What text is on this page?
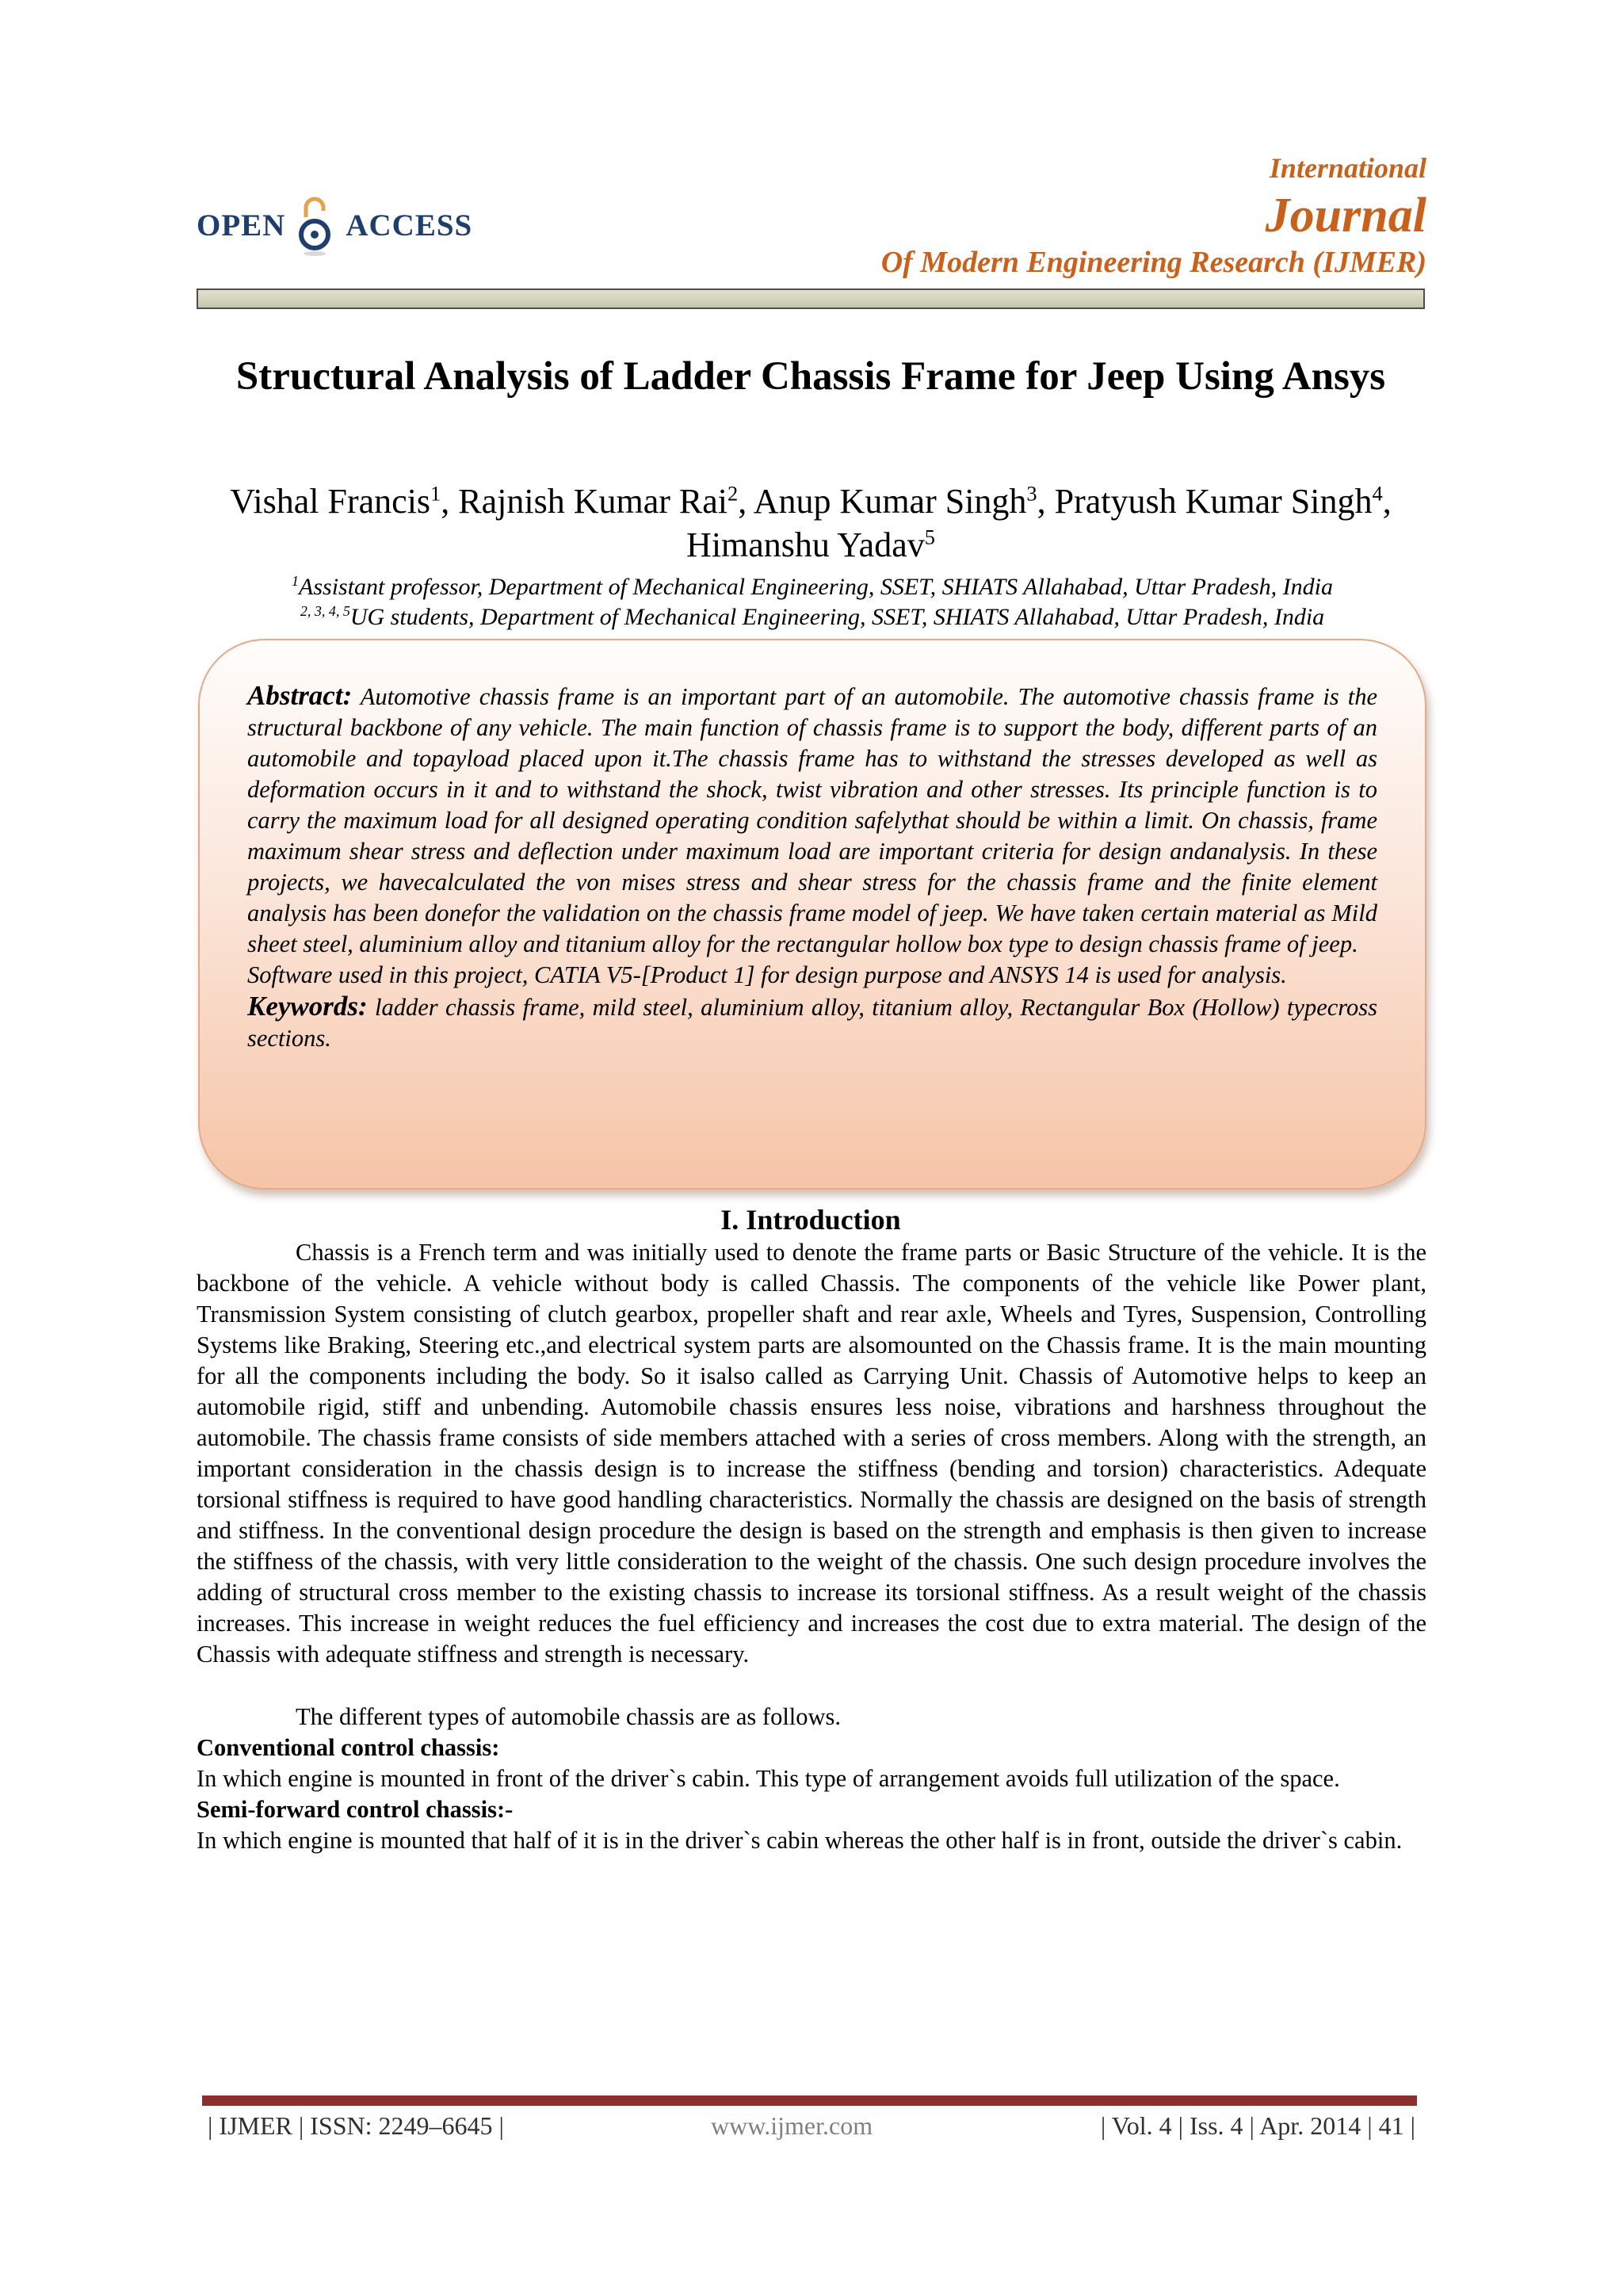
OPEN ACCESS
International
Journal
Of Modern Engineering Research (IJMER)
Structural Analysis of Ladder Chassis Frame for Jeep Using Ansys
Vishal Francis$^1$, Rajnish Kumar Rai$^2$, Anup Kumar Singh$^3$, Pratyush Kumar Singh$^4$, Himanshu Yadav$^5$
$^1$Assistant professor, Department of Mechanical Engineering, SSET, SHIATS Allahabad, Uttar Pradesh, India
$^{2, 3, 4, 5}$UG students, Department of Mechanical Engineering, SSET, SHIATS Allahabad, Uttar Pradesh, India

Abstract: Automotive chassis frame is an important part of an automobile. The automotive chassis frame is the structural backbone of any vehicle. The main function of chassis frame is to support the body, different parts of an automobile and topayload placed upon it.The chassis frame has to withstand the stresses developed as well as deformation occurs in it and to withstand the shock, twist vibration and other stresses. Its principle function is to carry the maximum load for all designed operating condition safelythat should be within a limit. On chassis, frame maximum shear stress and deflection under maximum load are important criteria for design andanalysis. In these projects, we havecalculated the von mises stress and shear stress for the chassis frame and the finite element analysis has been donefor the validation on the chassis frame model of jeep. We have taken certain material as Mild sheet steel, aluminium alloy and titanium alloy for the rectangular hollow box type to design chassis frame of jeep.

Software used in this project, CATIA V5-[Product 1] for design purpose and ANSYS 14 is used for analysis.

Keywords: ladder chassis frame, mild steel, aluminium alloy, titanium alloy, Rectangular Box (Hollow) typecross sections.

I. Introduction

Chassis is a French term and was initially used to denote the frame parts or Basic Structure of the vehicle. It is the backbone of the vehicle. A vehicle without body is called Chassis. The components of the vehicle like Power plant, Transmission System consisting of clutch gearbox, propeller shaft and rear axle, Wheels and Tyres, Suspension, Controlling Systems like Braking, Steering etc.,and electrical system parts are alsomounted on the Chassis frame. It is the main mounting for all the components including the body. So it isalso called as Carrying Unit. Chassis of Automotive helps to keep an automobile rigid, stiff and unbending. Automobile chassis ensures less noise, vibrations and harshness throughout the automobile. The chassis frame consists of side members attached with a series of cross members. Along with the strength, an important consideration in the chassis design is to increase the stiffness (bending and torsion) characteristics. Adequate torsional stiffness is required to have good handling characteristics. Normally the chassis are designed on the basis of strength and stiffness. In the conventional design procedure the design is based on the strength and emphasis is then given to increase the stiffness of the chassis, with very little consideration to the weight of the chassis. One such design procedure involves the adding of structural cross member to the existing chassis to increase its torsional stiffness. As a result weight of the chassis increases. This increase in weight reduces the fuel efficiency and increases the cost due to extra material. The design of the Chassis with adequate stiffness and strength is necessary.

The different types of automobile chassis are as follows.

Conventional control chassis:

In which engine is mounted in front of the driver`s cabin. This type of arrangement avoids full utilization of the space.

Semi-forward control chassis:-

In which engine is mounted that half of it is in the driver`s cabin whereas the other half is in front, outside the driver`s cabin.

| IJMER | ISSN: 2249–6645 |	www.ijmer.com	| Vol. 4 | Iss. 4 | Apr. 2014 | 41 |
